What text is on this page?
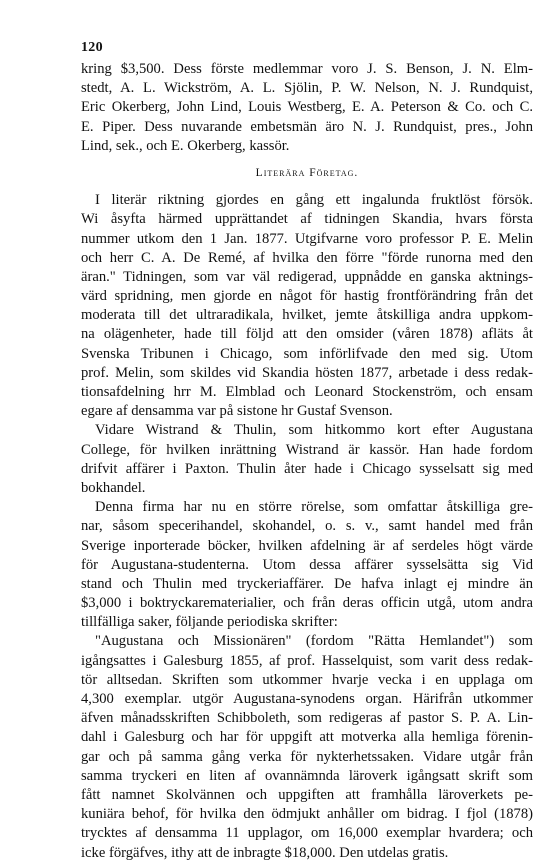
120
kring $3,500. Dess förste medlemmar voro J. S. Benson, J. N. Elm-
stedt, A. L. Wickström, A. L. Sjölin, P. W. Nelson, N. J. Rundquist,
Eric Okerberg, John Lind, Louis Westberg, E. A. Peterson & Co. och C.
E. Piper. Dess nuvarande embetsmän äro N. J. Rundquist, pres., John
Lind, sek., och E. Okerberg, kassör.
Literära Företag.
I literär riktning gjordes en gång ett ingalunda fruktlöst försök.
Wi åsyfta härmed upprättandet af tidningen Skandia, hvars första
nummer utkom den 1 Jan. 1877. Utgifvarne voro professor P. E. Melin
och herr C. A. De Remé, af hvilka den förre "förde runorna med den
äran." Tidningen, som var väl redigerad, uppnådde en ganska aktnings-
värd spridning, men gjorde en något för hastig frontförändring från det
moderata till det ultraradikala, hvilket, jemte åtskilliga andra uppkom-
na olägenheter, hade till följd att den omsider (våren 1878) afläts åt
Svenska Tribunen i Chicago, som införlifvade den med sig. Utom
prof. Melin, som skildes vid Skandia hösten 1877, arbetade i dess redak-
tionsafdelning hrr M. Elmblad och Leonard Stockenström, och ensam
egare af densamma var på sistone hr Gustaf Svenson.
Vidare Wistrand & Thulin, som hitkommo kort efter Augustana
College, för hvilken inrättning Wistrand är kassör. Han hade fordom
drifvit affärer i Paxton. Thulin åter hade i Chicago sysselsatt sig med
bokhandel.
Denna firma har nu en större rörelse, som omfattar åtskilliga gre-
nar, såsom specerihandel, skohandel, o. s. v., samt handel med från
Sverige inporterade böcker, hvilken afdelning är af serdeles högt värde
för Augustana-studenterna. Utom dessa affärer sysselsätta sig Vid
stand och Thulin med tryckeriaffärer. De hafva inlagt ej mindre än
$3,000 i boktryckarematerialier, och från deras officin utgå, utom andra
tillfälliga saker, följande periodiska skrifter:
"Augustana och Missionären" (fordom "Rätta Hemlandet") som
igångsattes i Galesburg 1855, af prof. Hasselquist, som varit dess redak-
tör alltsedan. Skriften som utkommer hvarje vecka i en upplaga om
4,300 exemplar. utgör Augustana-synodens organ. Härifrån utkommer
äfven månadsskriften Schibboleth, som redigeras af pastor S. P. A. Lin-
dahl i Galesburg och har för uppgift att motverka alla hemliga förenin-
gar och på samma gång verka för nykterhetssaken. Vidare utgår från
samma tryckeri en liten af ovannämnda läroverk igångsatt skrift som
fått namnet Skolvännen och uppgiften att framhålla läroverkets pe-
kuniära behof, för hvilka den ödmjukt anhåller om bidrag. I fjol (1878)
trycktes af densamma 11 upplagor, om 16,000 exemplar hvardera; och
icke förgäfves, ithy att de inbragte $18,000. Den utdelas gratis.
